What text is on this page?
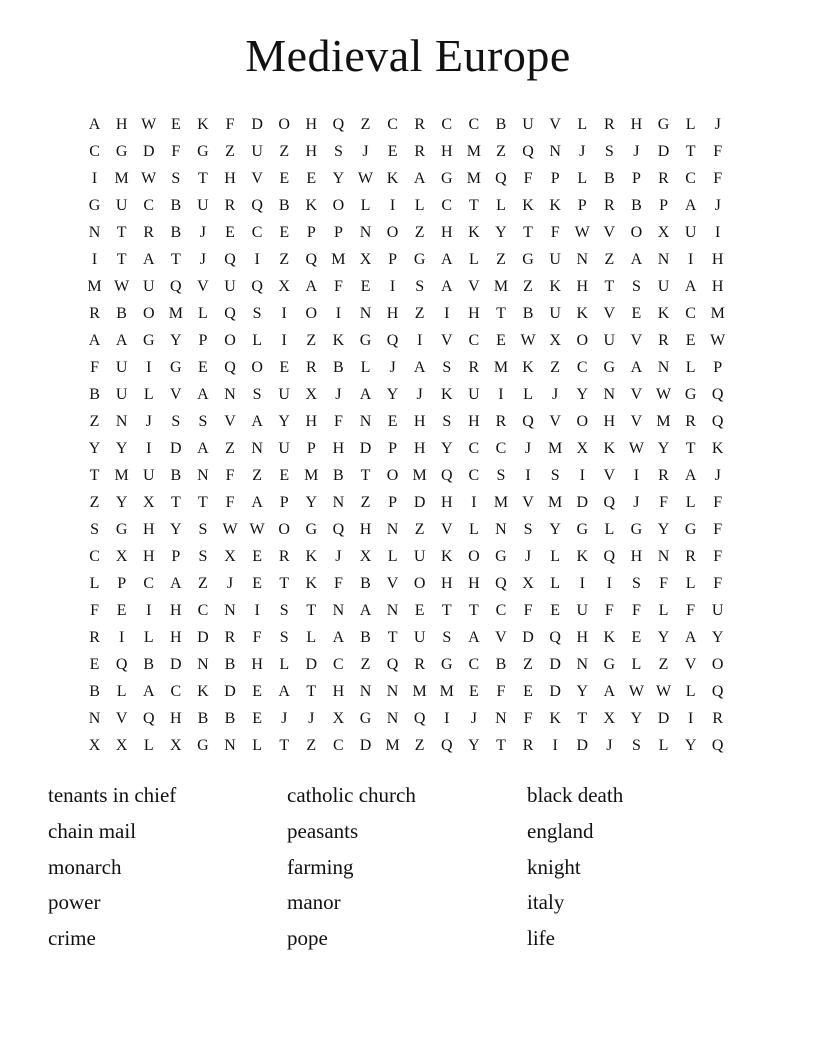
Medieval Europe
A H W E	K	F	D O H Q	Z	C	R	C	C	B U V	L	R H G	L	J
C G D	F	G	Z	U	Z	H	S	J	E	R H M Z	Q N	J	S	J	D	T	F
I	M W S	T	H V	E	E	Y W K A G M Q	F	P	L	B	P	R	C	F
G U C	B U R Q B K O	L	I	L	C	T	L	K K	P	R	B	P	A	J
N	T	R	B	J	E	C	E	P	P	N O	Z	H K Y	T	F W V O X U	I
I	T	A	T	J	Q	I	Z	Q M X	P	G A	L	Z	G U N	Z	A N	I	H
M W U Q V U Q X A	F	E	I	S	A V M Z	K H	T	S	U A H
R	B O M L	Q	S	I	O	I	N H	Z	I	H	T	B U K V	E	K C M
A A G Y	P	O	L	I	Z	K G Q	I	V C	E W X O U V R	E W
F	U	I	G	E	Q O	E	R	B	L	J	A	S	R M K	Z	C G A N	L	P
B U	L	V A N	S	U X	J	A Y	J	K U	I	L	J	Y N V W G Q
Z	N	J	S	S	V A Y H	F	N	E	H	S	H R Q V O H V M R Q
Y Y	I	D A	Z	N U	P	H D	P	H Y C	C	J	M X K W Y	T	K
T M U B N	F	Z	E M B	T	O M Q C	S	I	S	I	V	I	R A	J
Z	Y X	T	T	F	A	P	Y N	Z	P	D H	I	M V M D Q	J	F	L	F
S	G H Y	S W W O G Q H N	Z	V	L	N	S	Y G	L	G Y G	F
C X H	P	S	X	E	R K	J	X	L	U K O G	J	L	K Q H N R	F
L	P	C A	Z	J	E	T	K	F	B V O H H Q X	L	I	I	S	F	L	F
F	E	I	H C N	I	S	T	N A N	E	T	T	C	F	E	U	F	F	L	F	U
R	I	L	H D R	F	S	L	A B	T	U	S	A V D Q H K	E	Y A Y
E	Q B D N B H	L	D C	Z	Q R G C	B	Z	D N G	L	Z	V O
B	L	A C K D	E	A	T	H N N M M E	F	E	D Y A W W L	Q
N V Q H B	B	E	J	J	X G N Q	I	J	N	F	K	T	X Y D	I	R
X X	L	X G N	L	T	Z	C D M Z	Q Y	T	R	I	D	J	S	L	Y Q
tenants in chief
chain mail
monarch
power
crime
catholic church
peasants
farming
manor
pope
black death
england
knight
italy
life
